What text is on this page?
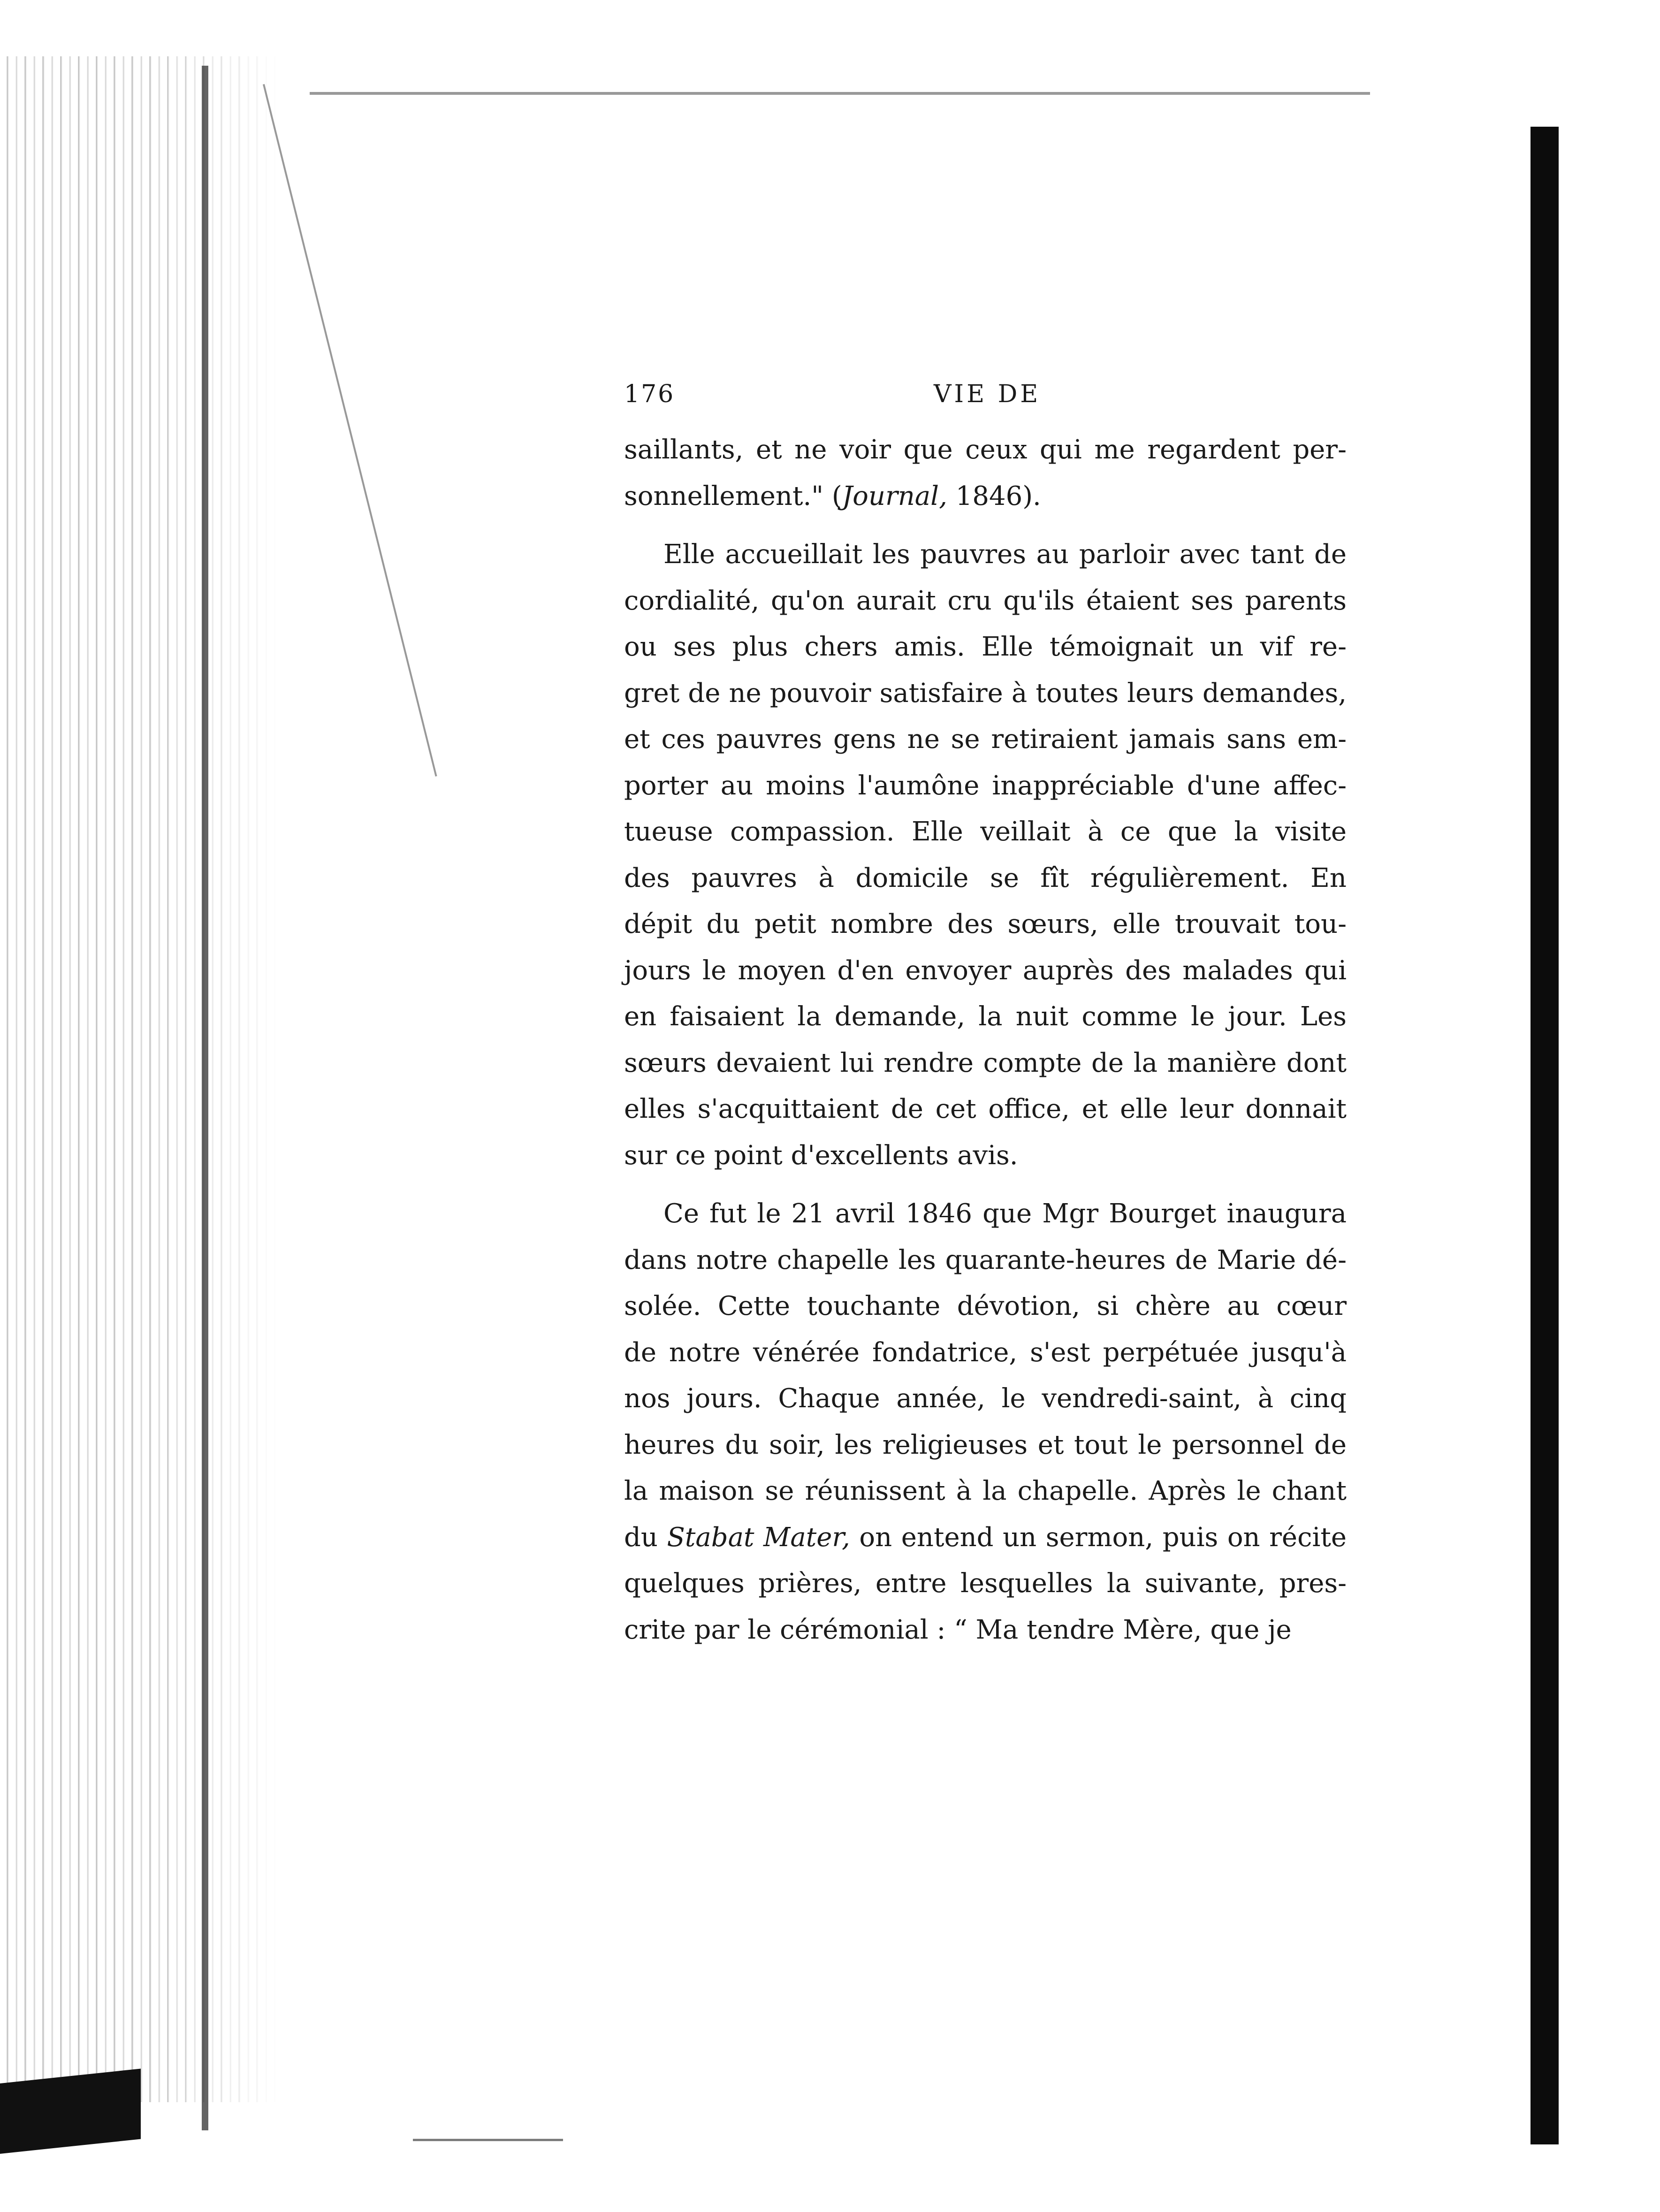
176	VIE DE
saillants, et ne voir que ceux qui me regardent per-
sonnellement." (Journal, 1846).
  Elle accueillait les pauvres au parloir avec tant de
cordialité, qu'on aurait cru qu'ils étaient ses parents
ou ses plus chers amis. Elle témoignait un vif re-
gret de ne pouvoir satisfaire à toutes leurs demandes,
et ces pauvres gens ne se retiraient jamais sans em-
porter au moins l'aumône inappréciable d'une affec-
tueuse compassion. Elle veillait à ce que la visite
des pauvres à domicile se fît régulièrement. En
dépit du petit nombre des sœurs, elle trouvait tou-
jours le moyen d'en envoyer auprès des malades qui
en faisaient la demande, la nuit comme le jour. Les
sœurs devaient lui rendre compte de la manière dont
elles s'acquittaient de cet office, et elle leur donnait
sur ce point d'excellents avis.
  Ce fut le 21 avril 1846 que Mgr Bourget inaugura
dans notre chapelle les quarante-heures de Marie dé-
solée. Cette touchante dévotion, si chère au cœur
de notre vénérée fondatrice, s'est perpétuée jusqu'à
nos jours. Chaque année, le vendredi-saint, à cinq
heures du soir, les religieuses et tout le personnel de
la maison se réunissent à la chapelle. Après le chant
du Stabat Mater, on entend un sermon, puis on récite
quelques prières, entre lesquelles la suivante, pres-
crite par le cérémonial : “ Ma tendre Mère, que je
